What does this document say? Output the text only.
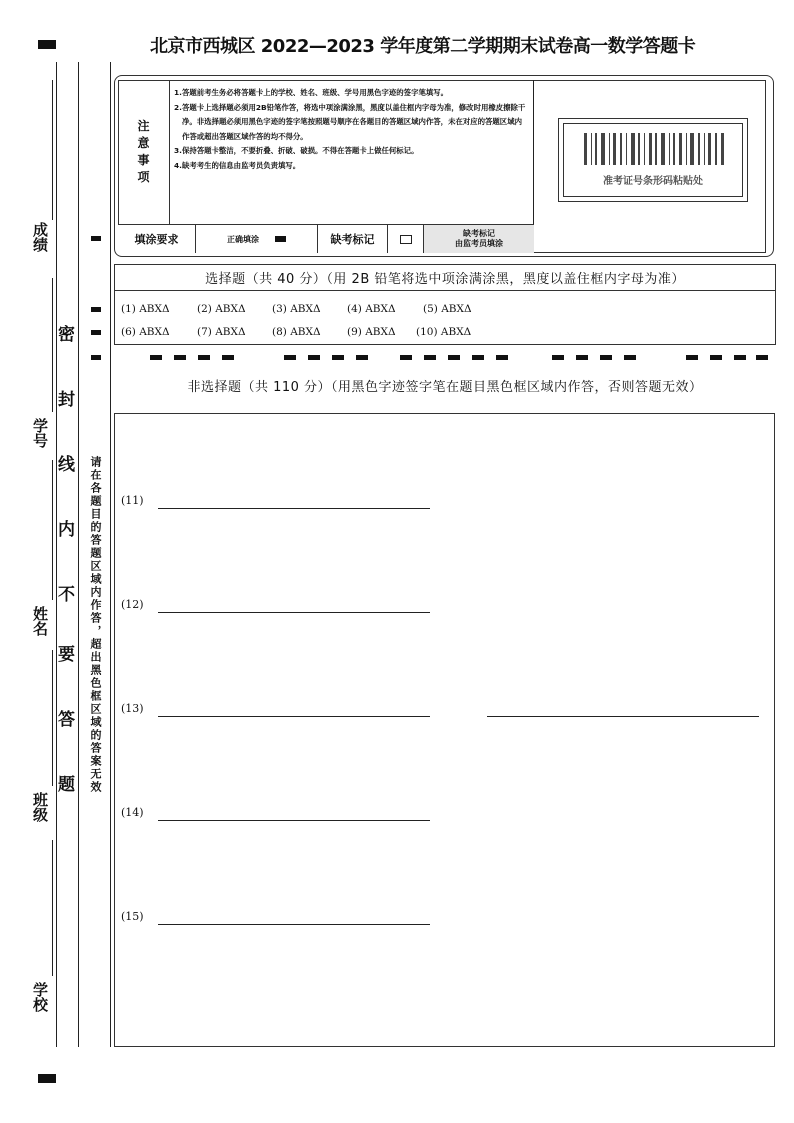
北京市西城区 2022—2023 学年度第二学期期末试卷高一数学答题卡
成绩
学号
姓名
班级
学校
密
封
线
内
不
要
答
题
注
意
事
项
1.答题前考生务必将答题卡上的学校、姓名、班级、学号用黑色字迹的签字笔填写。
2.答题卡上选择题必须用2B铅笔作答，将选中项涂满涂黑，黑度以盖住框内字母为准，修改时用橡皮擦除干净。非选择题必须用黑色字迹的签字笔按照题号顺序在各题目的答题区域内作答，未在对应的答题区域内作答或超出答题区域作答的均不得分。
3.保持答题卡整洁，不要折叠、折破、破损。不得在答题卡上做任何标记。
4.缺考考生的信息由监考员负责填写。
填涂要求	正确填涂	缺考标记	缺考标记
由监考员填涂
准考证号条形码粘贴处
选择题（共 40 分）（用 2B 铅笔将选中项涂满涂黑，黑度以盖住框内字母为准）
(1) ABXΔ	(2) ABXΔ	(3) ABXΔ	(4) ABXΔ	(5) ABXΔ
(6) ABXΔ	(7) ABXΔ	(8) ABXΔ	(9) ABXΔ (10) ABXΔ
非选择题（共 110 分）（用黑色字迹签字笔在题目黑色框区域内作答，否则答题无效）
请在各题目的答题区域内作答，超出黑色框区域的答案无效 (11)
(12)
(13)
(14)
(15)
